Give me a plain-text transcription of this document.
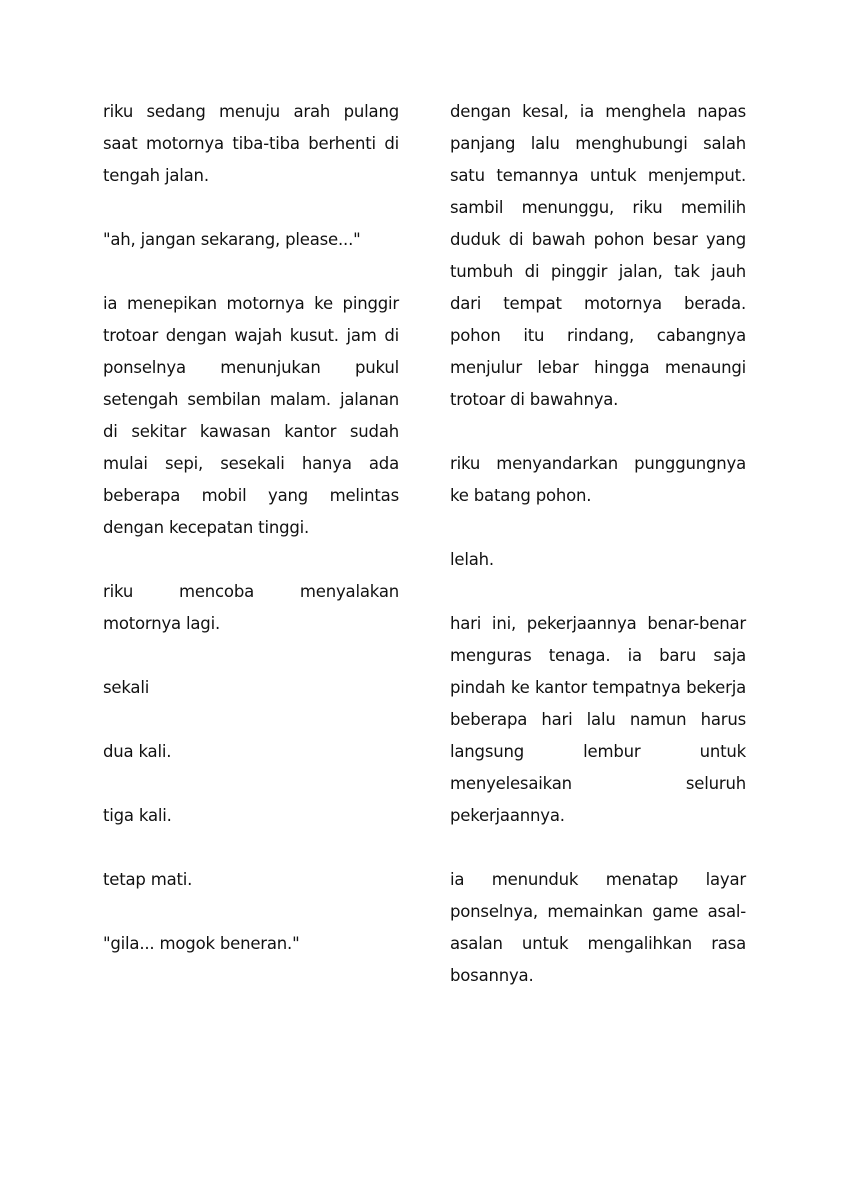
riku sedang menuju arah pulang saat motornya tiba-tiba berhenti di tengah jalan.

"ah, jangan sekarang, please..."

ia menepikan motornya ke pinggir trotoar dengan wajah kusut. jam di ponselnya menunjukan pukul setengah sembilan malam. jalanan di sekitar kawasan kantor sudah mulai sepi, sesekali hanya ada beberapa mobil yang melintas dengan kecepatan tinggi.

riku mencoba menyalakan motornya lagi.

sekali

dua kali.

tiga kali.

tetap mati.

"gila... mogok beneran."

dengan kesal, ia menghela napas panjang lalu menghubungi salah satu temannya untuk menjemput. sambil menunggu, riku memilih duduk di bawah pohon besar yang tumbuh di pinggir jalan, tak jauh dari tempat motornya berada. pohon itu rindang, cabangnya menjulur lebar hingga menaungi trotoar di bawahnya.

riku menyandarkan punggungnya ke batang pohon.

lelah.

hari ini, pekerjaannya benar-benar menguras tenaga. ia baru saja pindah ke kantor tempatnya bekerja beberapa hari lalu namun harus langsung lembur untuk menyelesaikan seluruh pekerjaannya.

ia menunduk menatap layar ponselnya, memainkan game asal-asalan untuk mengalihkan rasa bosannya.
